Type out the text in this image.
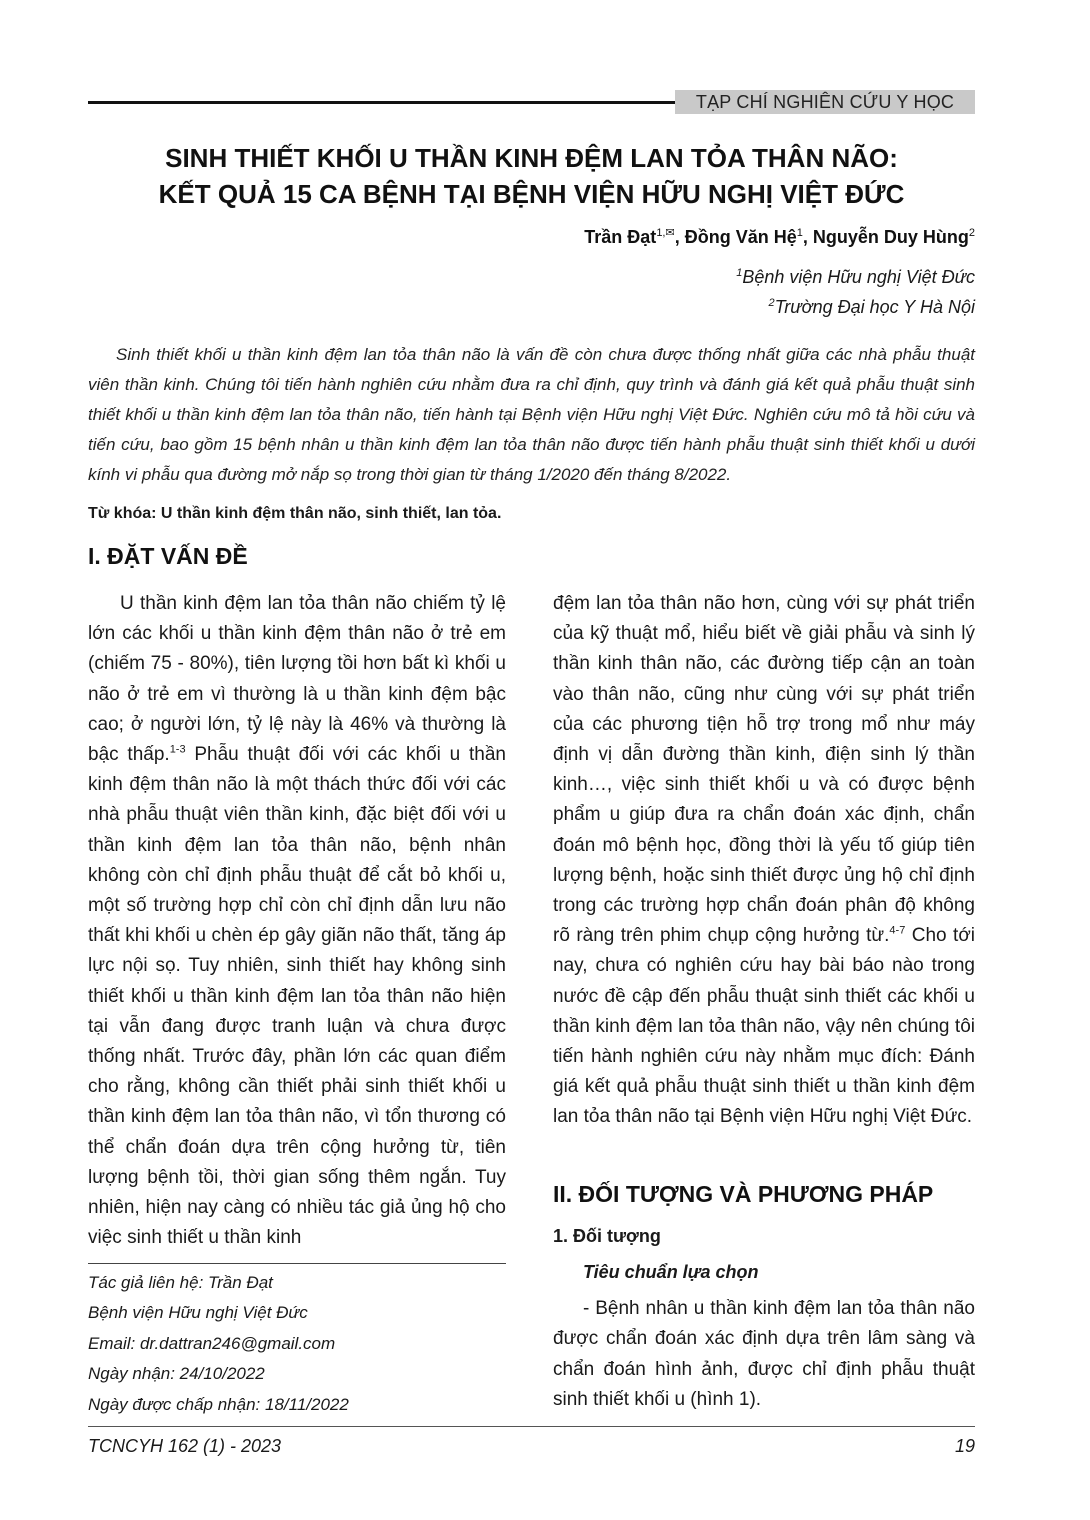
TẠP CHÍ NGHIÊN CỨU Y HỌC
SINH THIẾT KHỐI U THẦN KINH ĐỆM LAN TỎA THÂN NÃO:
KẾT QUẢ 15 CA BỆNH TẠI BỆNH VIỆN HỮU NGHỊ VIỆT ĐỨC
Trần Đạt$^{1,✉}$, Đồng Văn Hệ$^1$, Nguyễn Duy Hùng$^2$
$^1$Bệnh viện Hữu nghị Việt Đức
$^2$Trường Đại học Y Hà Nội
Sinh thiết khối u thần kinh đệm lan tỏa thân não là vấn đề còn chưa được thống nhất giữa các nhà phẫu thuật viên thần kinh. Chúng tôi tiến hành nghiên cứu nhằm đưa ra chỉ định, quy trình và đánh giá kết quả phẫu thuật sinh thiết khối u thần kinh đệm lan tỏa thân não, tiến hành tại Bệnh viện Hữu nghị Việt Đức. Nghiên cứu mô tả hồi cứu và tiến cứu, bao gồm 15 bệnh nhân u thần kinh đệm lan tỏa thân não được tiến hành phẫu thuật sinh thiết khối u dưới kính vi phẫu qua đường mở nắp sọ trong thời gian từ tháng 1/2020 đến tháng 8/2022.
Từ khóa: U thần kinh đệm thân não, sinh thiết, lan tỏa.
I. ĐẶT VẤN ĐỀ
U thần kinh đệm lan tỏa thân não chiếm tỷ lệ lớn các khối u thần kinh đệm thân não ở trẻ em (chiếm 75 - 80%), tiên lượng tồi hơn bất kì khối u não ở trẻ em vì thường là u thần kinh đệm bậc cao; ở người lớn, tỷ lệ này là 46% và thường là bậc thấp.$^{1-3}$ Phẫu thuật đối với các khối u thần kinh đệm thân não là một thách thức đối với các nhà phẫu thuật viên thần kinh, đặc biệt đối với u thần kinh đệm lan tỏa thân não, bệnh nhân không còn chỉ định phẫu thuật để cắt bỏ khối u, một số trường hợp chỉ còn chỉ định dẫn lưu não thất khi khối u chèn ép gây giãn não thất, tăng áp lực nội sọ. Tuy nhiên, sinh thiết hay không sinh thiết khối u thần kinh đệm lan tỏa thân não hiện tại vẫn đang được tranh luận và chưa được thống nhất. Trước đây, phần lớn các quan điểm cho rằng, không cần thiết phải sinh thiết khối u thần kinh đệm lan tỏa thân não, vì tổn thương có thể chẩn đoán dựa trên cộng hưởng từ, tiên lượng bệnh tồi, thời gian sống thêm ngắn. Tuy nhiên, hiện nay càng có nhiều tác giả ủng hộ cho việc sinh thiết u thần kinh
đệm lan tỏa thân não hơn, cùng với sự phát triển của kỹ thuật mổ, hiểu biết về giải phẫu và sinh lý thần kinh thân não, các đường tiếp cận an toàn vào thân não, cũng như cùng với sự phát triển của các phương tiện hỗ trợ trong mổ như máy định vị dẫn đường thần kinh, điện sinh lý thần kinh…, việc sinh thiết khối u và có được bệnh phẩm u giúp đưa ra chẩn đoán xác định, chẩn đoán mô bệnh học, đồng thời là yếu tố giúp tiên lượng bệnh, hoặc sinh thiết được ủng hộ chỉ định trong các trường hợp chẩn đoán phân độ không rõ ràng trên phim chụp cộng hưởng từ.$^{4-7}$ Cho tới nay, chưa có nghiên cứu hay bài báo nào trong nước đề cập đến phẫu thuật sinh thiết các khối u thần kinh đệm lan tỏa thân não, vậy nên chúng tôi tiến hành nghiên cứu này nhằm mục đích: Đánh giá kết quả phẫu thuật sinh thiết u thần kinh đệm lan tỏa thân não tại Bệnh viện Hữu nghị Việt Đức.
II. ĐỐI TƯỢNG VÀ PHƯƠNG PHÁP
1. Đối tượng
Tiêu chuẩn lựa chọn
- Bệnh nhân u thần kinh đệm lan tỏa thân não được chẩn đoán xác định dựa trên lâm sàng và chẩn đoán hình ảnh, được chỉ định phẫu thuật sinh thiết khối u (hình 1).
Tác giả liên hệ: Trần Đạt
Bệnh viện Hữu nghị Việt Đức
Email: dr.dattran246@gmail.com
Ngày nhận: 24/10/2022
Ngày được chấp nhận: 18/11/2022
TCNCYH 162 (1) - 2023	19
